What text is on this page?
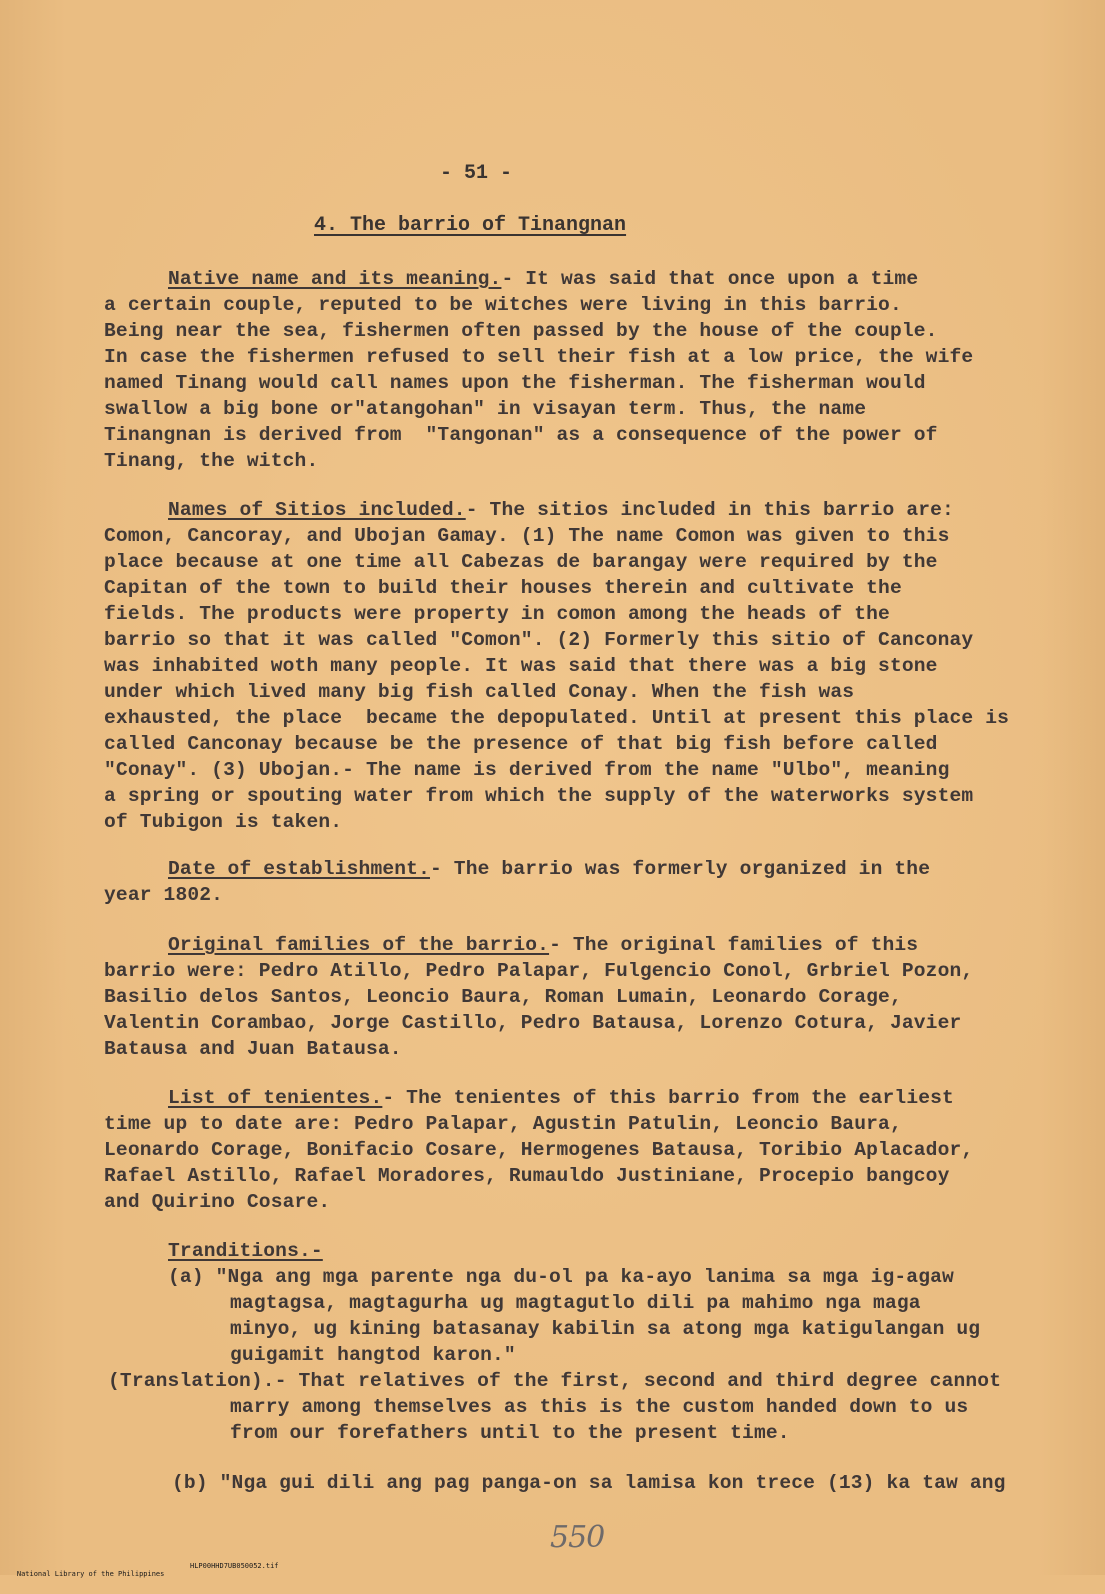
- 51 -
4. The barrio of Tinangnan
Native name and its meaning.- It was said that once upon a time
a certain couple, reputed to be witches were living in this barrio.
Being near the sea, fishermen often passed by the house of the couple.
In case the fishermen refused to sell their fish at a low price, the wife
named Tinang would call names upon the fisherman. The fisherman would
swallow a big bone or"atangohan" in visayan term. Thus, the name
Tinangnan is derived from  "Tangonan" as a consequence of the power of
Tinang, the witch.
Names of Sitios included.- The sitios included in this barrio are:
Comon, Cancoray, and Ubojan Gamay. (1) The name Comon was given to this
place because at one time all Cabezas de barangay were required by the
Capitan of the town to build their houses therein and cultivate the
fields. The products were property in comon among the heads of the
barrio so that it was called "Comon". (2) Formerly this sitio of Canconay
was inhabited woth many people. It was said that there was a big stone
under which lived many big fish called Conay. When the fish was
exhausted, the place  became the depopulated. Until at present this place is
called Canconay because be the presence of that big fish before called
"Conay". (3) Ubojan.- The name is derived from the name "Ulbo", meaning
a spring or spouting water from which the supply of the waterworks system
of Tubigon is taken.
Date of establishment.- The barrio was formerly organized in the
year 1802.
Original families of the barrio.- The original families of this
barrio were: Pedro Atillo, Pedro Palapar, Fulgencio Conol, Grbriel Pozon,
Basilio delos Santos, Leoncio Baura, Roman Lumain, Leonardo Corage,
Valentin Corambao, Jorge Castillo, Pedro Batausa, Lorenzo Cotura, Javier
Batausa and Juan Batausa.
List of tenientes.- The tenientes of this barrio from the earliest
time up to date are: Pedro Palapar, Agustin Patulin, Leoncio Baura,
Leonardo Corage, Bonifacio Cosare, Hermogenes Batausa, Toribio Aplacador,
Rafael Astillo, Rafael Moradores, Rumauldo Justiniane, Procepio bangcoy
and Quirino Cosare.
Tranditions.-
(a) "Nga ang mga parente nga du-ol pa ka-ayo lanima sa mga ig-agaw
magtagsa, magtagurha ug magtagutlo dili pa mahimo nga maga
minyo, ug kining batasanay kabilin sa atong mga katigulangan ug
guigamit hangtod karon."
(Translation).- That relatives of the first, second and third degree cannot
marry among themselves as this is the custom handed down to us
from our forefathers until to the present time.
(b) "Nga gui dili ang pag panga-on sa lamisa kon trece (13) ka taw ang
550

National Library of the Philippines

HLP00HHD7UB050052.tif
